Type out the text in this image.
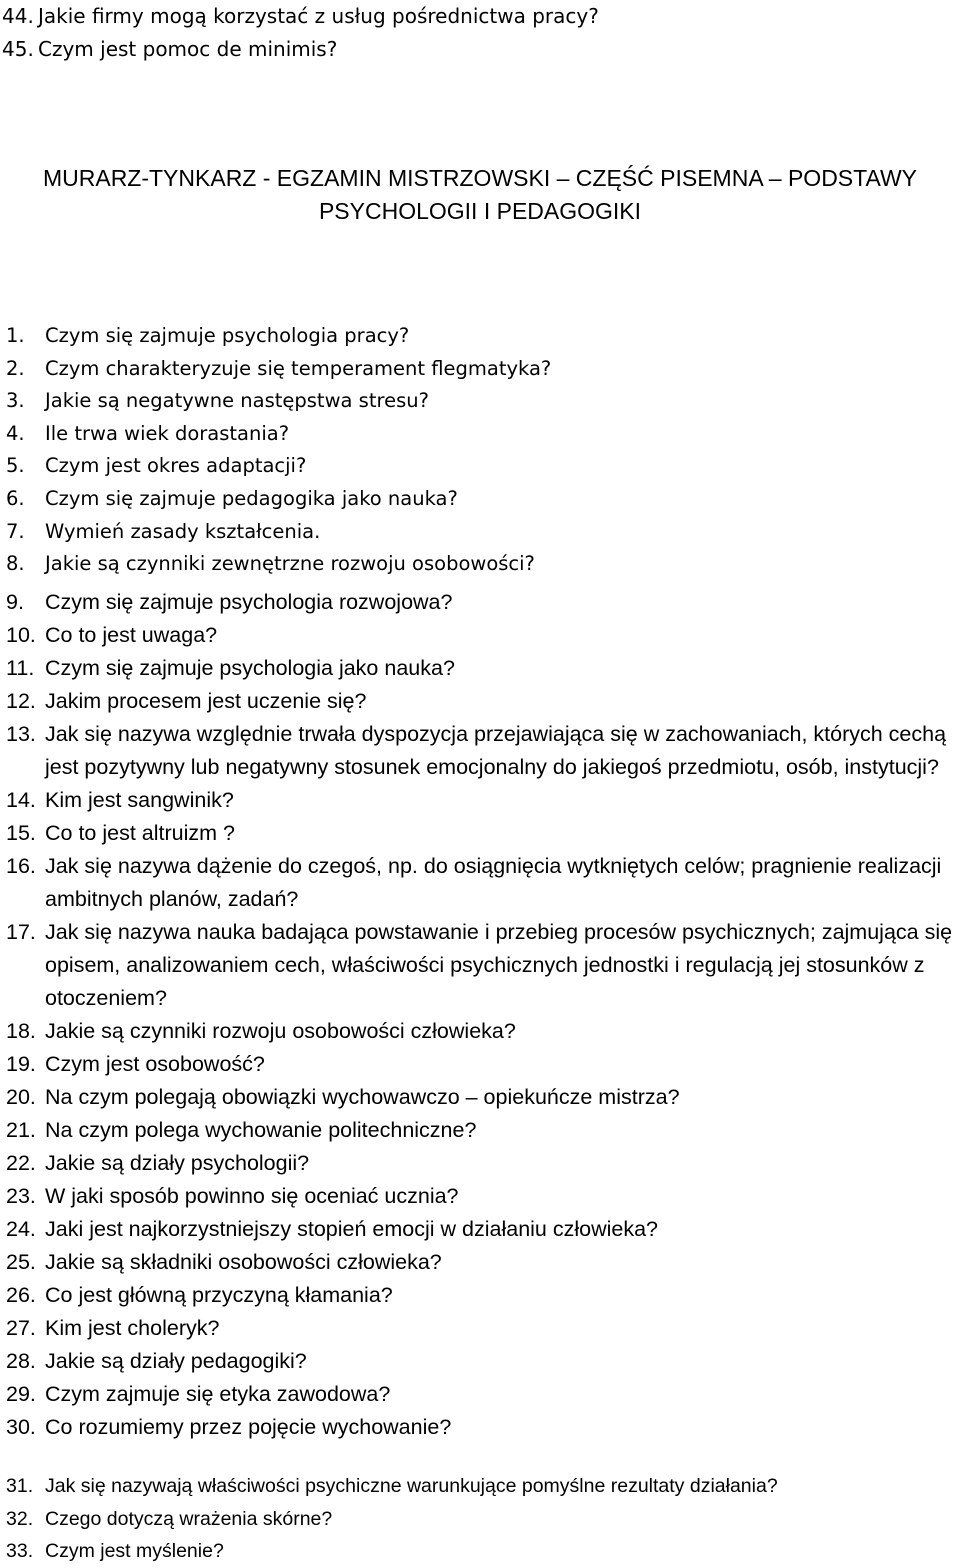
44. Jakie firmy mogą korzystać z usług pośrednictwa pracy?
45. Czym jest pomoc de minimis?
MURARZ-TYNKARZ - EGZAMIN MISTRZOWSKI – CZĘŚĆ PISEMNA – PODSTAWY
PSYCHOLOGII I PEDAGOGIKI
1.	Czym się zajmuje psychologia pracy?
2.	Czym charakteryzuje się temperament flegmatyka?
3.	Jakie są negatywne następstwa stresu?
4.	Ile trwa wiek dorastania?
5.	Czym jest okres adaptacji?
6.	Czym się zajmuje pedagogika jako nauka?
7.	Wymień zasady kształcenia.
8.	Jakie są czynniki zewnętrzne rozwoju osobowości?
9. Czym się zajmuje psychologia rozwojowa?
10. Co to jest uwaga?
11. Czym się zajmuje psychologia jako nauka?
12. Jakim procesem jest uczenie się?
13. Jak się nazywa względnie trwała dyspozycja przejawiająca się w zachowaniach, których cechą jest pozytywny lub negatywny stosunek emocjonalny do jakiegoś przedmiotu, osób, instytucji?
14. Kim jest sangwinik?
15. Co to jest altruizm ?
16. Jak się nazywa dążenie do czegoś, np. do osiągnięcia wytkniętych celów; pragnienie realizacji ambitnych planów, zadań?
17. Jak się nazywa nauka badająca powstawanie i przebieg procesów psychicznych; zajmująca się opisem, analizowaniem cech, właściwości psychicznych jednostki i regulacją jej stosunków z otoczeniem?
18. Jakie są czynniki rozwoju osobowości człowieka?
19. Czym jest osobowość?
20. Na czym polegają obowiązki wychowawczo – opiekuńcze mistrza?
21. Na czym polega wychowanie politechniczne?
22. Jakie są działy psychologii?
23. W jaki sposób powinno się oceniać ucznia?
24. Jaki jest najkorzystniejszy stopień emocji w działaniu człowieka?
25. Jakie są składniki osobowości człowieka?
26. Co jest główną przyczyną kłamania?
27. Kim jest choleryk?
28. Jakie są działy pedagogiki?
29. Czym zajmuje się etyka zawodowa?
30. Co rozumiemy przez pojęcie wychowanie?
31. Jak się nazywają właściwości psychiczne warunkujące pomyślne rezultaty działania?
32. Czego dotyczą wrażenia skórne?
33. Czym jest myślenie?
